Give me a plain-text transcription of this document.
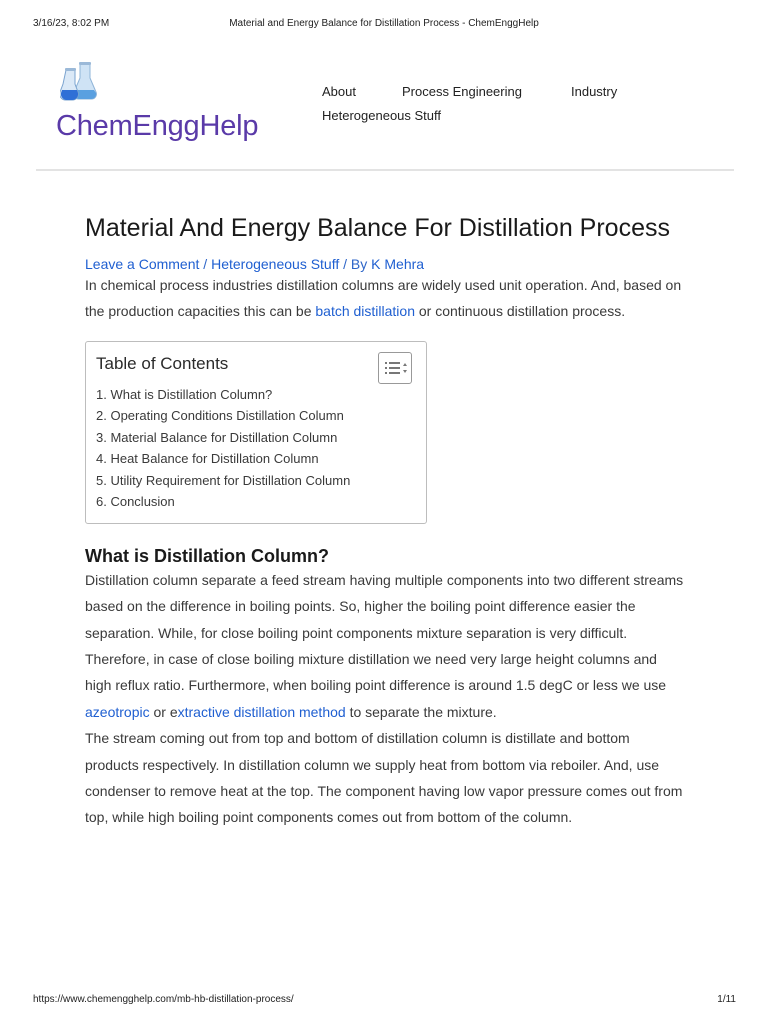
3/16/23, 8:02 PM	Material and Energy Balance for Distillation Process - ChemEnggHelp
ChemEnggHelp
About	Process Engineering	Industry
Heterogeneous Stuff
Material And Energy Balance For Distillation Process
Leave a Comment / Heterogeneous Stuff / By K Mehra

In chemical process industries distillation columns are widely used unit operation. And, based on the production capacities this can be batch distillation or continuous distillation process.

Table of Contents
1. What is Distillation Column?
2. Operating Conditions Distillation Column
3. Material Balance for Distillation Column
4. Heat Balance for Distillation Column
5. Utility Requirement for Distillation Column
6. Conclusion
What is Distillation Column?

Distillation column separate a feed stream having multiple components into two different streams based on the difference in boiling points. So, higher the boiling point difference easier the separation. While, for close boiling point components mixture separation is very difficult. Therefore, in case of close boiling mixture distillation we need very large height columns and high reflux ratio. Furthermore, when boiling point difference is around 1.5 degC or less we use azeotropic or extractive distillation method to separate the mixture.

The stream coming out from top and bottom of distillation column is distillate and bottom products respectively. In distillation column we supply heat from bottom via reboiler. And, use condenser to remove heat at the top. The component having low vapor pressure comes out from top, while high boiling point components comes out from bottom of the column.

https://www.chemengghelp.com/mb-hb-distillation-process/	1/11
